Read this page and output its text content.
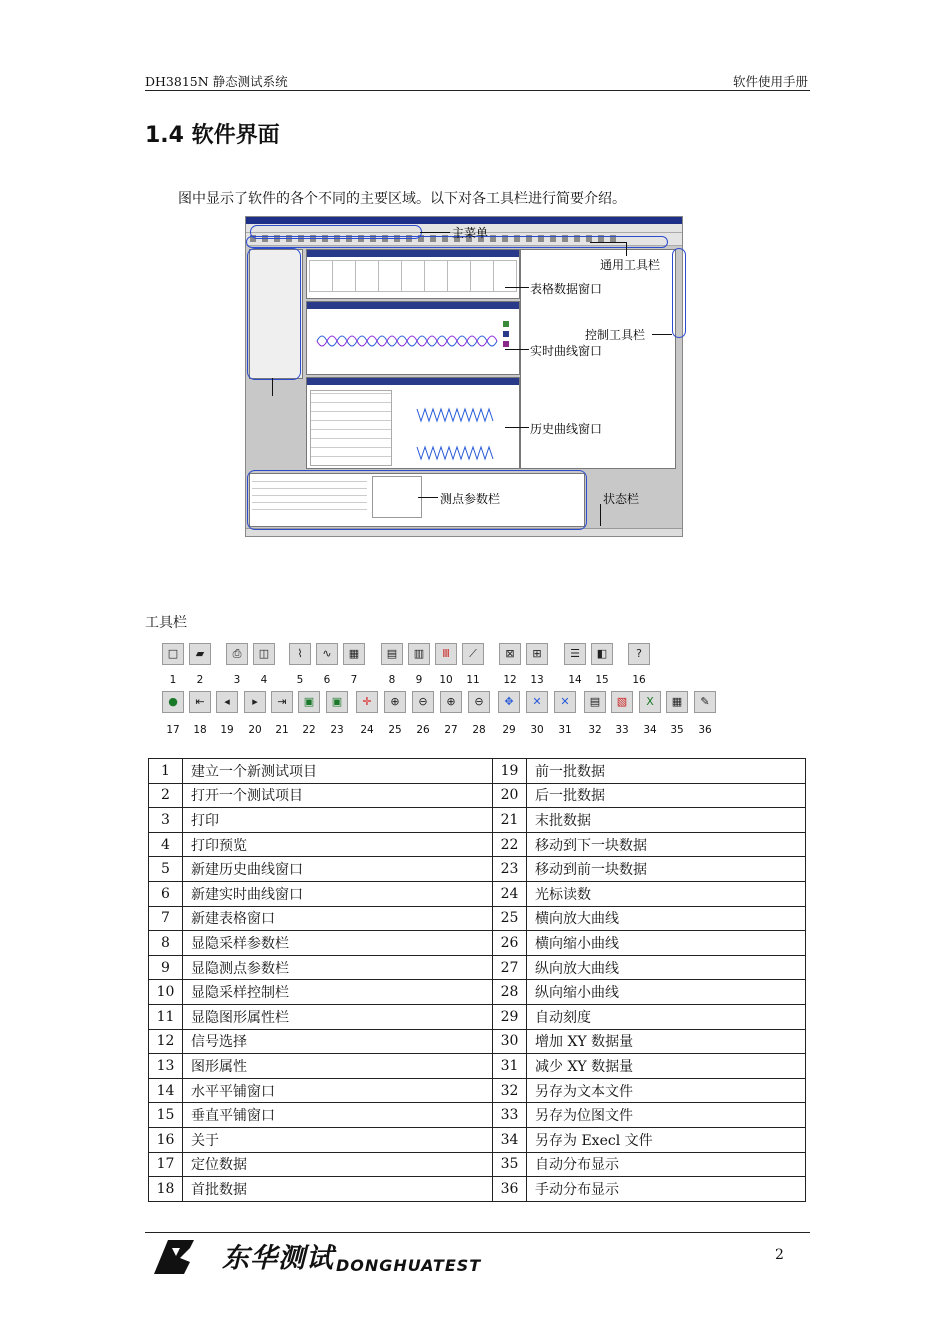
DH3815N 静态测试系统	软件使用手册
1.4 软件界面
图中显示了软件的各个不同的主要区域。以下对各工具栏进行简要介绍。
主菜单
通用工具栏
表格数据窗口
控制工具栏
实时曲线窗口
历史曲线窗口
测点参数栏	状态栏
工具栏
□	▰	⎙	◫	⌇	∿	▦	▤	▥	Ⅲ	⟋	⊠	⊞	☰	◧	?
1	2	3	4	5	6	7	8	9	10	11	12	13	14	15	16
●	⇤	◂	▸	⇥	▣	▣	✛	⊕	⊖	⊕	⊖	✥	✕	✕	▤	▧	X	▦	✎
17	18	19	20	21	22	23	24	25	26	27	28	29	30	31	32	33	34	35	36
1	建立一个新测试项目	19	前一批数据
2	打开一个测试项目	20	后一批数据
3	打印	21	末批数据
4	打印预览	22	移动到下一块数据
5	新建历史曲线窗口	23	移动到前一块数据
6	新建实时曲线窗口	24	光标读数
7	新建表格窗口	25	横向放大曲线
8	显隐采样参数栏	26	横向缩小曲线
9	显隐测点参数栏	27	纵向放大曲线
10	显隐采样控制栏	28	纵向缩小曲线
11	显隐图形属性栏	29	自动刻度
12	信号选择	30	增加 XY 数据量
13	图形属性	31	减少 XY 数据量
14	水平平铺窗口	32	另存为文本文件
15	垂直平铺窗口	33	另存为位图文件
16	关于	34	另存为 Execl 文件
17	定位数据	35	自动分布显示
18	首批数据	36	手动分布显示
东华测试 DONGHUATEST
2
